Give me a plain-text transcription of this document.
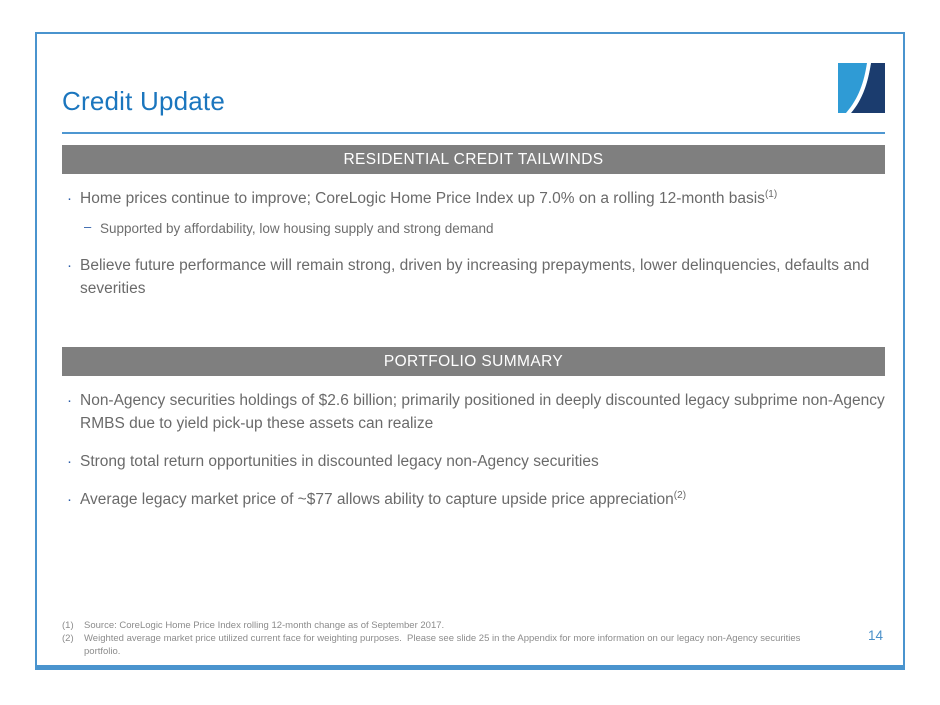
Credit Update
RESIDENTIAL CREDIT TAILWINDS
· Home prices continue to improve; CoreLogic Home Price Index up 7.0% on a rolling 12-month basis$^{(1)}$
– Supported by affordability, low housing supply and strong demand
· Believe future performance will remain strong, driven by increasing prepayments, lower delinquencies, defaults and severities
PORTFOLIO SUMMARY
· Non-Agency securities holdings of $2.6 billion; primarily positioned in deeply discounted legacy subprime non-Agency RMBS due to yield pick-up these assets can realize
· Strong total return opportunities in discounted legacy non-Agency securities
· Average legacy market price of ~$77 allows ability to capture upside price appreciation$^{(2)}$
(1)	Source: CoreLogic Home Price Index rolling 12-month change as of September 2017.
(2)	Weighted average market price utilized current face for weighting purposes.  Please see slide 25 in the Appendix for more information on our legacy non-Agency securities portfolio.
14
